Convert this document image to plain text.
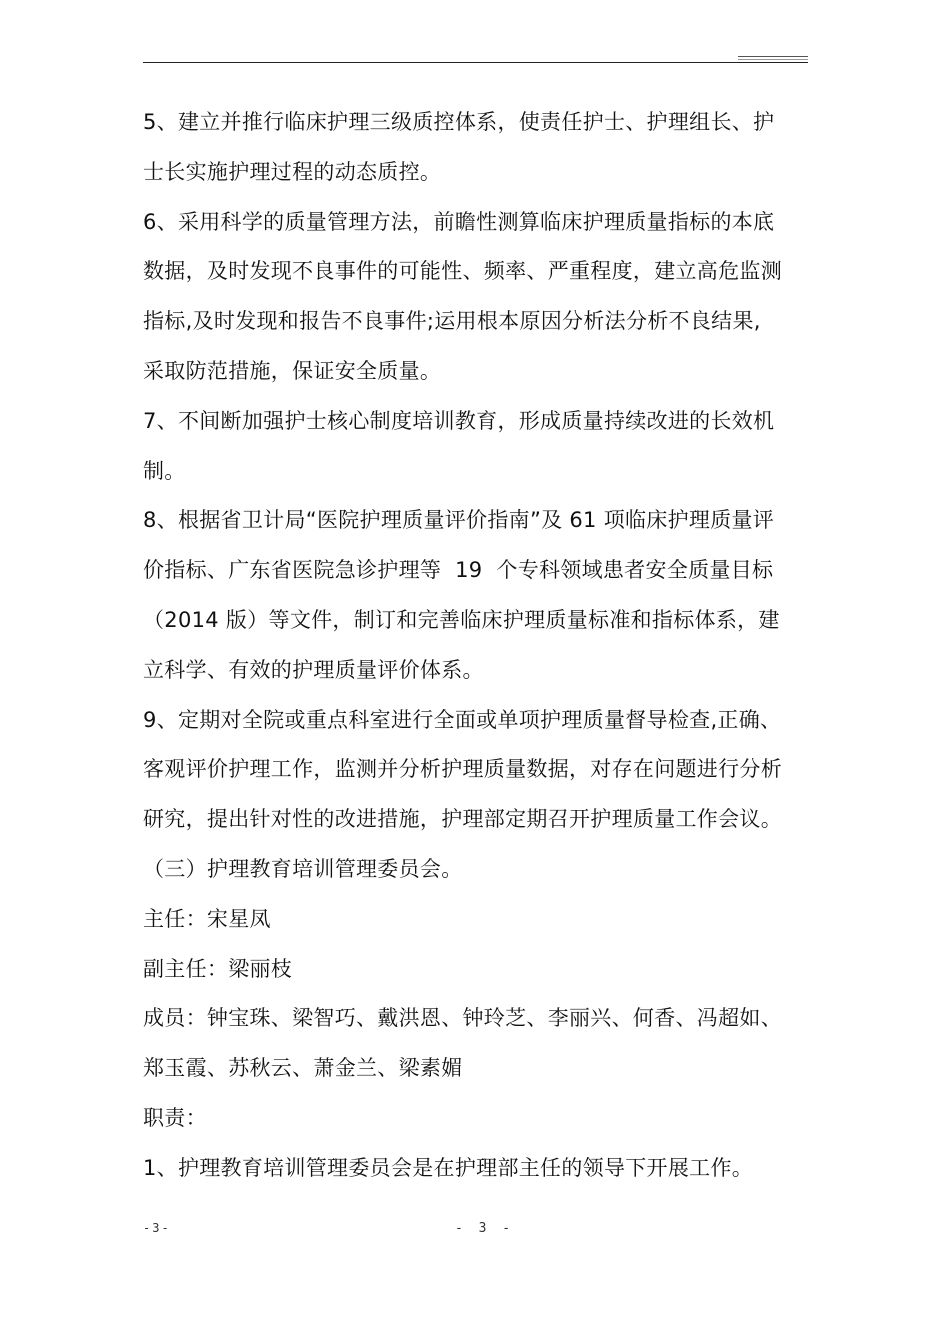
5、建立并推行临床护理三级质控体系，使责任护士、护理组长、护
士长实施护理过程的动态质控。
6、采用科学的质量管理方法，前瞻性测算临床护理质量指标的本底
数据，及时发现不良事件的可能性、频率、严重程度，建立高危监测
指标,及时发现和报告不良事件;运用根本原因分析法分析不良结果,
采取防范措施，保证安全质量。
7、不间断加强护士核心制度培训教育，形成质量持续改进的长效机
制。
8、根据省卫计局“医院护理质量评价指南”及 61 项临床护理质量评
价指标、广东省医院急诊护理等  19  个专科领域患者安全质量目标
（2014 版）等文件，制订和完善临床护理质量标准和指标体系，建
立科学、有效的护理质量评价体系。
9、定期对全院或重点科室进行全面或单项护理质量督导检查,正确、
客观评价护理工作，监测并分析护理质量数据，对存在问题进行分析
研究，提出针对性的改进措施，护理部定期召开护理质量工作会议。
（三）护理教育培训管理委员会。
主任：宋星凤
副主任：梁丽枝
成员：钟宝珠、梁智巧、戴洪恩、钟玲芝、李丽兴、何香、冯超如、
郑玉霞、苏秋云、萧金兰、梁素媚
职责：
1、护理教育培训管理委员会是在护理部主任的领导下开展工作。
-3-	- 3 -
